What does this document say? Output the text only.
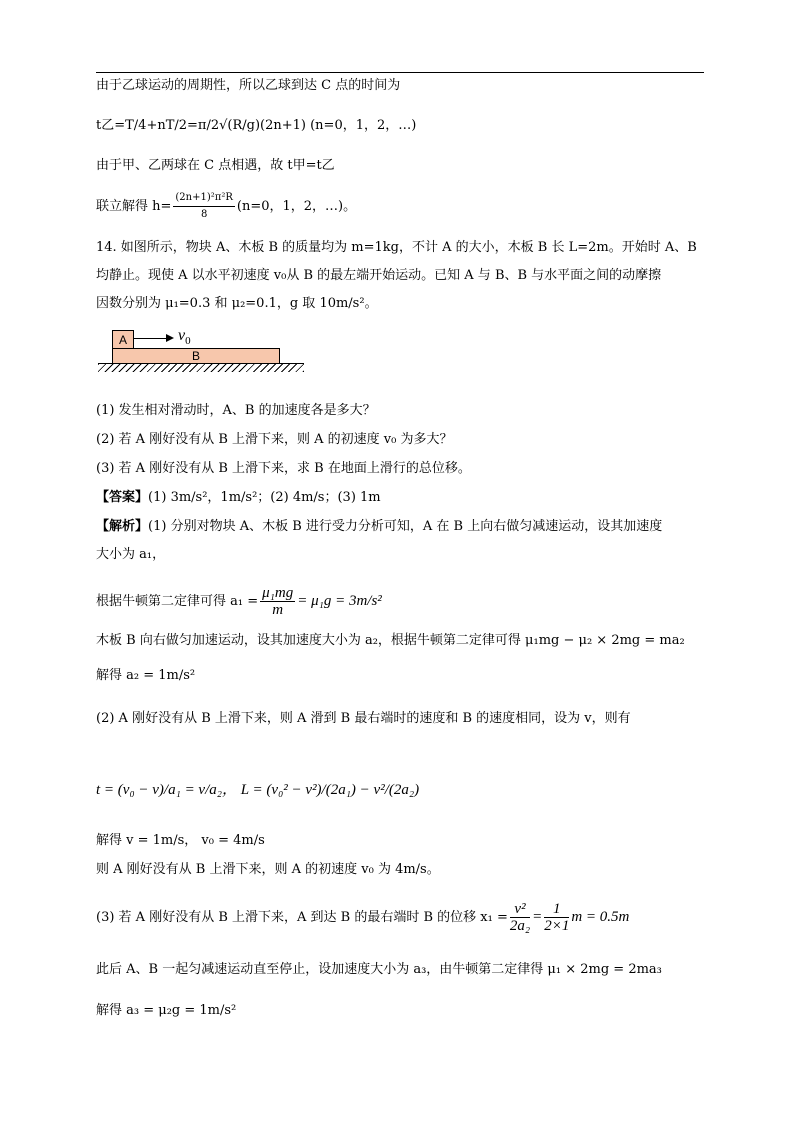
由于乙球运动的周期性，所以乙球到达 C 点的时间为
t乙=T/4+nT/2=π/2√(R/g)(2n+1) (n=0，1，2，…)
由于甲、乙两球在 C 点相遇，故 t甲=t乙
联立解得 $h= \frac{\text{(2n+1)²π²R}}{8} (n=0$，1，2，…)。
14. 如图所示，物块 A、木板 B 的质量均为 m=1kg，不计 A 的大小，木板 B 长 L=2m。开始时 A、B
均静止。现使 A 以水平初速度 v₀从 B 的最左端开始运动。已知 A 与 B、B 与水平面之间的动摩擦
因数分别为 μ₁=0.3 和 μ₂=0.1，g 取 10m/s²。
A
B
$v_0$
(1) 发生相对滑动时，A、B 的加速度各是多大？
(2) 若 A 刚好没有从 B 上滑下来，则 A 的初速度 v₀ 为多大？
(3) 若 A 刚好没有从 B 上滑下来，求 B 在地面上滑行的总位移。
【答案】(1) 3m/s²，1m/s²；(2) 4m/s；(3) 1m
【解析】(1) 分别对物块 A、木板 B 进行受力分析可知，A 在 B 上向右做匀减速运动，设其加速度
大小为 a₁，
根据牛顿第二定律可得 $a_1 = \frac{\text{μ₁mg}}{m} = \mu_1g = 3m/s^2$
木板 B 向右做匀加速运动，设其加速度大小为 a₂，根据牛顿第二定律可得 μ₁mg − μ₂ × 2mg = ma₂
解得 a₂ = 1m/s²
(2) A 刚好没有从 B 上滑下来，则 A 滑到 B 最右端时的速度和 B 的速度相同，设为 v，则有
t = (v₀ − v)/a₁ = v/a₂， L = (v₀² − v²)/(2a₁) − v²/(2a₂)
解得 v = 1m/s， v₀ = 4m/s
则 A 刚好没有从 B 上滑下来，则 A 的初速度 v₀ 为 4m/s。
(3) 若 A 刚好没有从 B 上滑下来，A 到达 B 的最右端时 B 的位移 $x_1 = \frac{\text{v²}}{\text{2a₂}} = \frac{1}{2\times 1}$ m = 0.5m
此后 A、B 一起匀减速运动直至停止，设加速度大小为 a₃，由牛顿第二定律得 μ₁ × 2mg = 2ma₃
解得 a₃ = μ₂g = 1m/s²
